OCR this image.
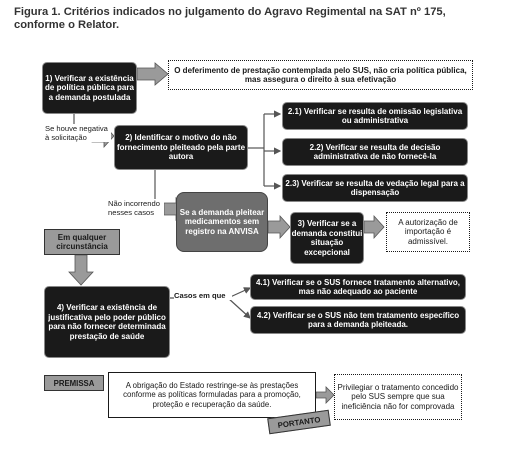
Figura 1. Critérios indicados no julgamento do Agravo Regimental na SAT nº 175,
conforme o Relator.
1) Verificar a existência de política pública para a demanda postulada
O deferimento de prestação contemplada pelo SUS, não cria política pública, mas assegura o direito à sua efetivação
Se houve negativa à solicitação	2) Identificar o motivo do não fornecimento pleiteado pela parte autora
2.1) Verificar se resulta de omissão legislativa ou administrativa
2.2) Verificar se resulta de decisão administrativa de não fornecê-la
2.3) Verificar se resulta de vedação legal para a dispensação
Não incorrendo nesses casos	Se a demanda pleitear medicamentos sem registro na ANVISA
3) Verificar se a demanda constitui situação excepcional
A autorização de importação é admissível.
Em qualquer circunstância
4) Verificar a existência de justificativa pelo poder público para não fornecer determinada prestação de saúde
Casos em que
4.1) Verificar se o SUS fornece tratamento alternativo, mas não adequado ao paciente
4.2) Verificar se o SUS não tem tratamento específico para a demanda pleiteada.
PREMISSA	A obrigação do Estado restringe-se às prestações conforme as políticas formuladas para a promoção, proteção e recuperação da saúde.
PORTANTO
Privilegiar o tratamento concedido pelo SUS sempre que sua ineficiência não for comprovada
